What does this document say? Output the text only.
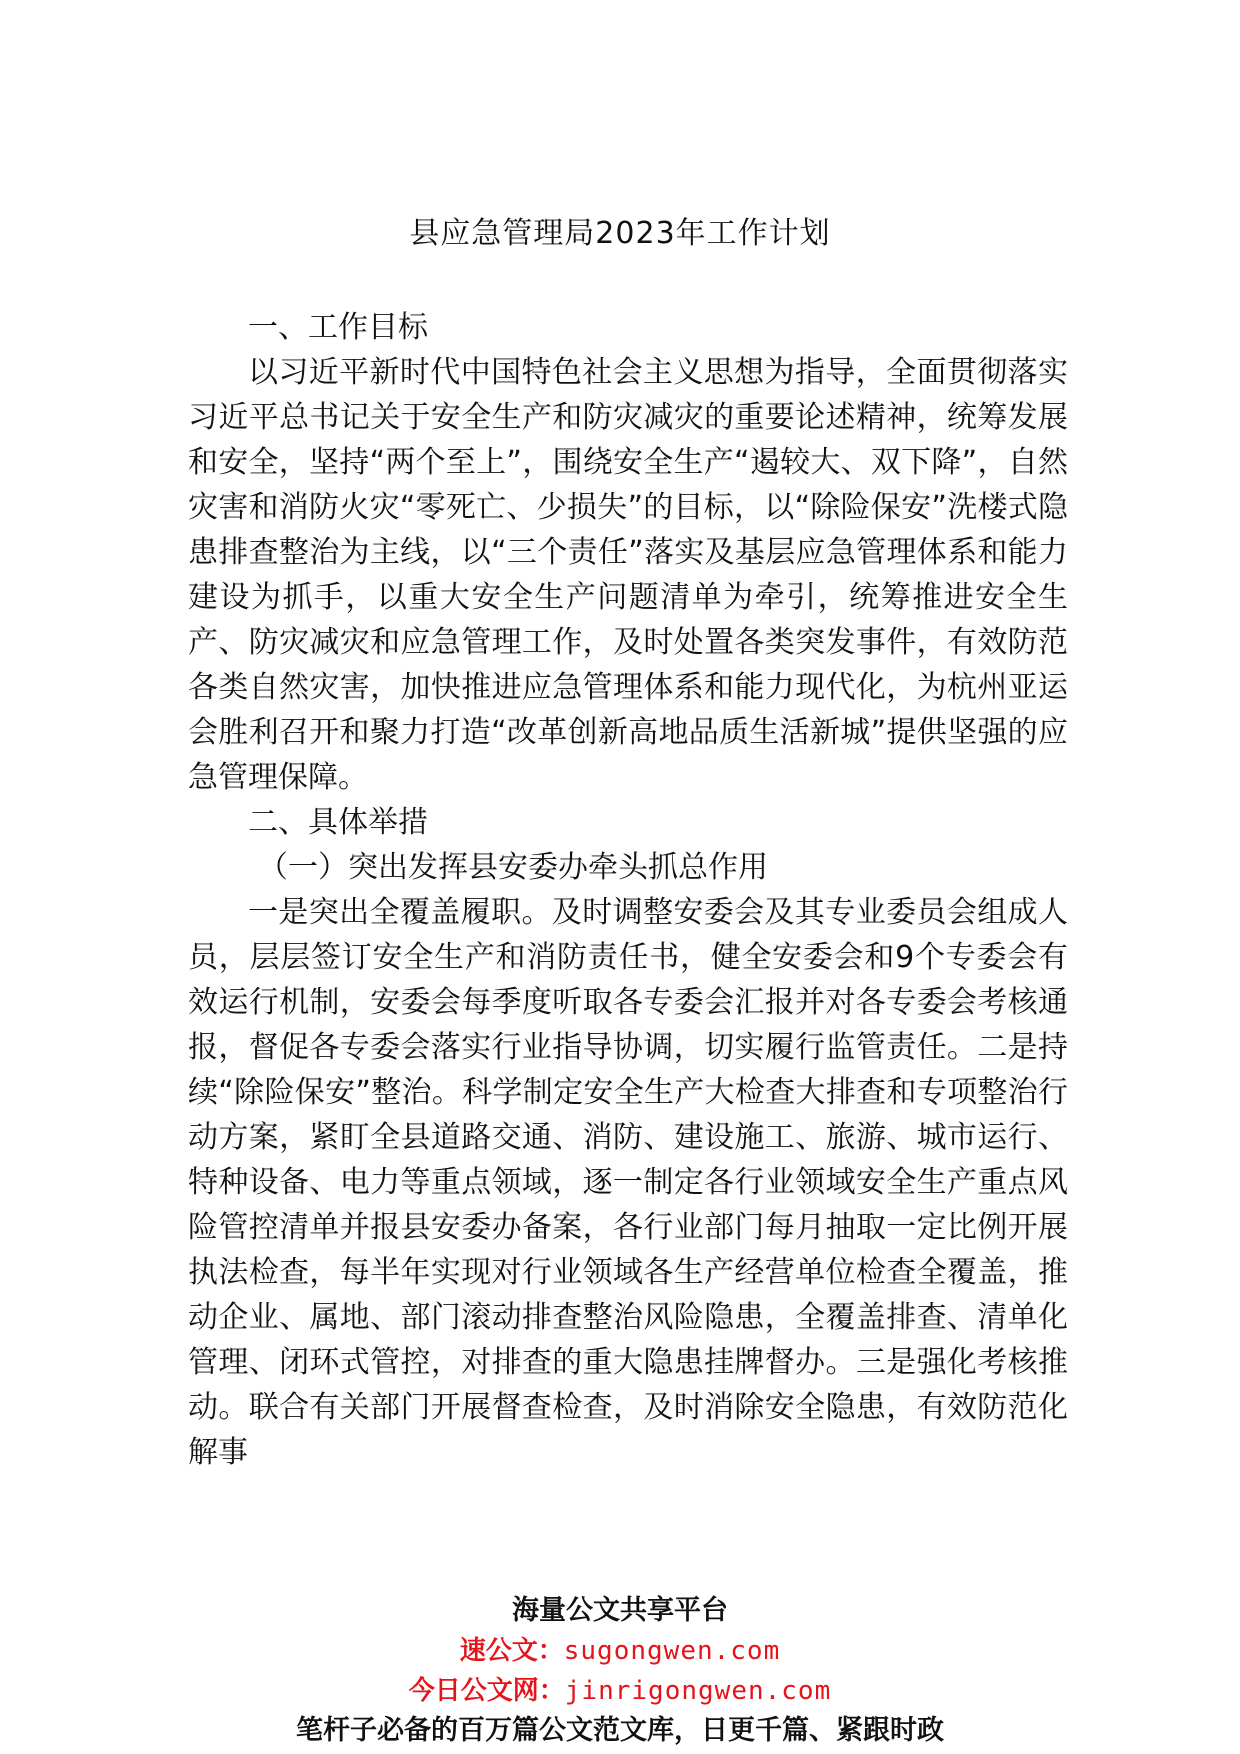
县应急管理局2023年工作计划

一、工作目标

以习近平新时代中国特色社会主义思想为指导，全面贯彻落实习近平总书记关于安全生产和防灾减灾的重要论述精神，统筹发展和安全，坚持“两个至上”，围绕安全生产“遏较大、双下降”，自然灾害和消防火灾“零死亡、少损失”的目标，以“除险保安”洗楼式隐患排查整治为主线，以“三个责任”落实及基层应急管理体系和能力建设为抓手，以重大安全生产问题清单为牵引，统筹推进安全生产、防灾减灾和应急管理工作，及时处置各类突发事件，有效防范各类自然灾害，加快推进应急管理体系和能力现代化，为杭州亚运会胜利召开和聚力打造“改革创新高地品质生活新城”提供坚强的应急管理保障。

二、具体举措

（一）突出发挥县安委办牵头抓总作用

一是突出全覆盖履职。及时调整安委会及其专业委员会组成人员，层层签订安全生产和消防责任书，健全安委会和9个专委会有效运行机制，安委会每季度听取各专委会汇报并对各专委会考核通报，督促各专委会落实行业指导协调，切实履行监管责任。二是持续“除险保安”整治。科学制定安全生产大检查大排查和专项整治行动方案，紧盯全县道路交通、消防、建设施工、旅游、城市运行、特种设备、电力等重点领域，逐一制定各行业领域安全生产重点风险管控清单并报县安委办备案，各行业部门每月抽取一定比例开展执法检查，每半年实现对行业领域各生产经营单位检查全覆盖，推动企业、属地、部门滚动排查整治风险隐患，全覆盖排查、清单化管理、闭环式管控，对排查的重大隐患挂牌督办。三是强化考核推动。联合有关部门开展督查检查，及时消除安全隐患，有效防范化解事

海量公文共享平台
速公文：sugongwen.com
今日公文网：jinrigongwen.com
笔杆子必备的百万篇公文范文库，日更千篇、紧跟时政
